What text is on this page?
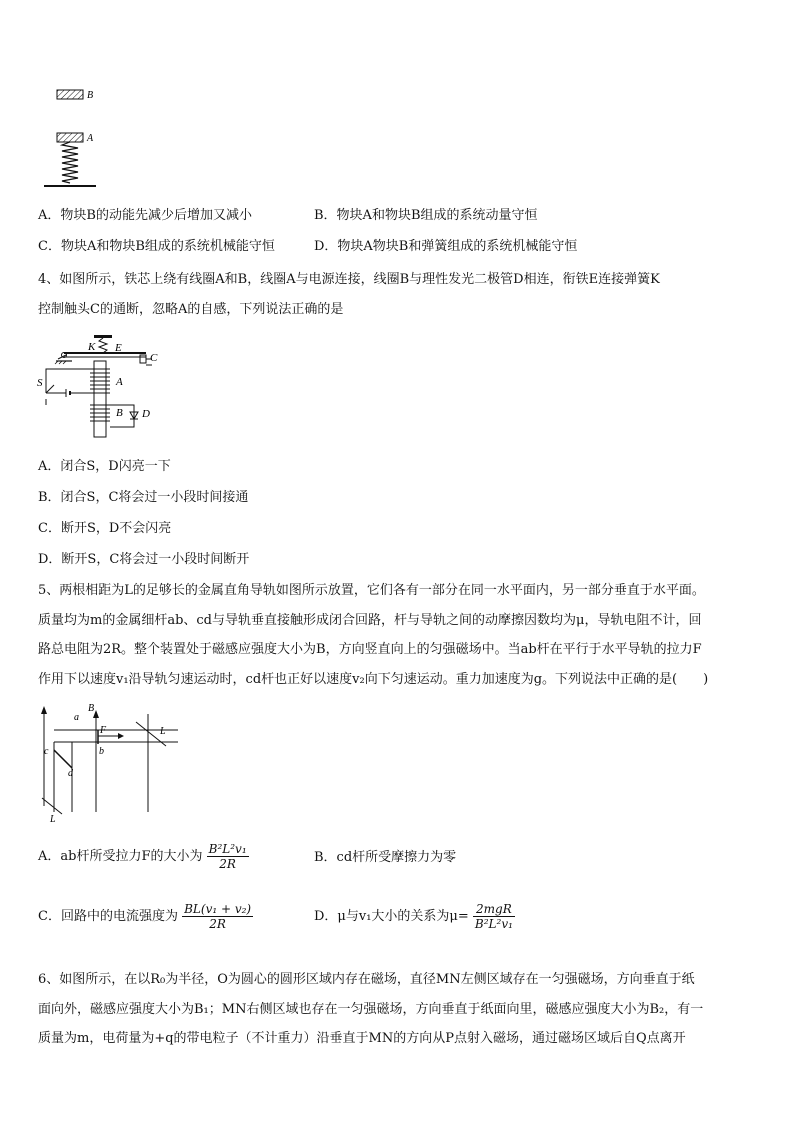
B
A
A．物块B的动能先减少后增加又减小	B．物块A和物块B组成的系统动量守恒
C．物块A和物块B组成的系统机械能守恒	D．物块A物块B和弹簧组成的系统机械能守恒
4、如图所示，铁芯上绕有线圈A和B，线圈A与电源连接，线圈B与理性发光二极管D相连，衔铁E连接弹簧K
控制触头C的通断，忽略A的自感，下列说法正确的是
K E
C
A
B
S
D
A．闭合S，D闪亮一下
B．闭合S，C将会过一小段时间接通
C．断开S，D不会闪亮
D．断开S，C将会过一小段时间断开
5、两根相距为L的足够长的金属直角导轨如图所示放置，它们各有一部分在同一水平面内，另一部分垂直于水平面。
质量均为m的金属细杆ab、cd与导轨垂直接触形成闭合回路，杆与导轨之间的动摩擦因数均为μ，导轨电阻不计，回
路总电阻为2R。整个装置处于磁感应强度大小为B，方向竖直向上的匀强磁场中。当ab杆在平行于水平导轨的拉力F
作用下以速度v₁沿导轨匀速运动时，cd杆也正好以速度v₂向下匀速运动。重力加速度为g。下列说法中正确的是(　　)
B
a
b
F	L
c
d
L
A．ab杆所受拉力F的大小为 $\frac{\text{B²L²v₁}}{2R}$	B．cd杆所受摩擦力为零
C．回路中的电流强度为 $\frac{\text{BL(v₁ + v₂)}}{2R}$	D．μ与v₁大小的关系为$\mu= \frac{\text{2mgR}}{\text{B²L²v₁}}$
6、如图所示，在以R₀为半径，O为圆心的圆形区域内存在磁场，直径MN左侧区域存在一匀强磁场，方向垂直于纸
面向外，磁感应强度大小为B₁；MN右侧区域也存在一匀强磁场，方向垂直于纸面向里，磁感应强度大小为B₂，有一
质量为m，电荷量为+q的带电粒子（不计重力）沿垂直于MN的方向从P点射入磁场，通过磁场区域后自Q点离开
